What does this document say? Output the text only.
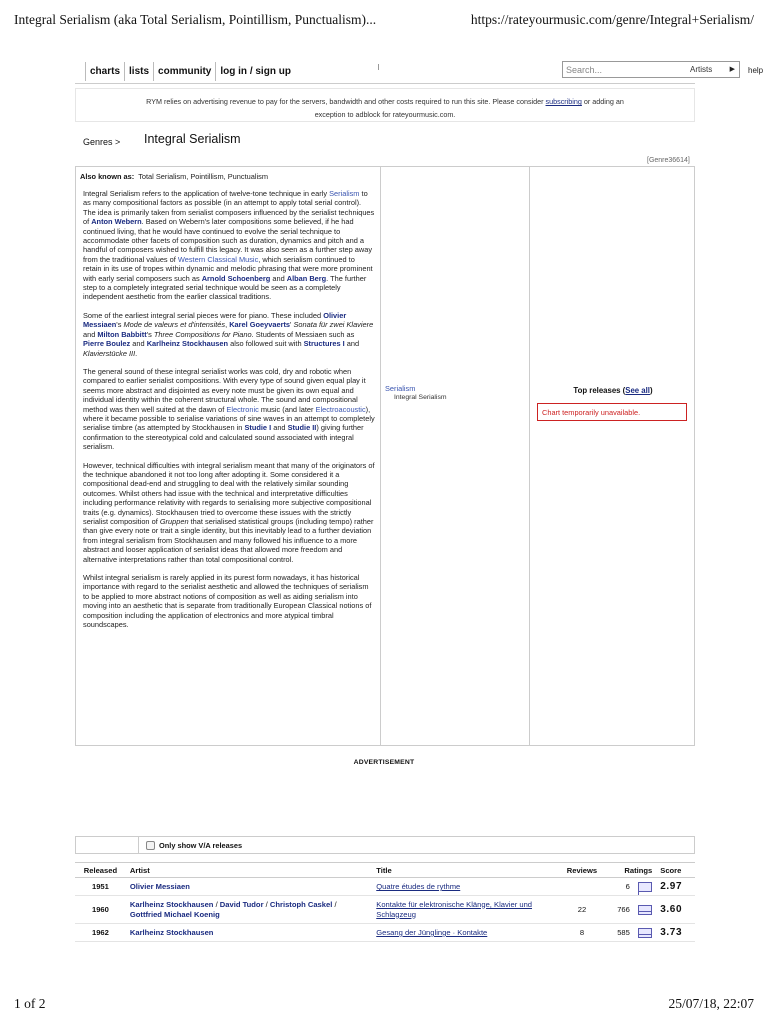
Integral Serialism (aka Total Serialism, Pointillism, Punctualism)...	https://rateyourmusic.com/genre/Integral+Serialism/
charts lists community log in / sign up	Search...	Artists ▶ help
RYM relies on advertising revenue to pay for the servers, bandwidth and other costs required to run this site. Please consider subscribing or adding an
exception to adblock for rateyourmusic.com.
Genres > Integral Serialism
[Genre36614]
Also known as: Total Serialism, Pointillism, Punctualism

Integral Serialism refers to the application of twelve-tone technique in early Serialism to as many compositional factors as possible (in an attempt to apply total serial control). The idea is primarily taken from serialist composers influenced by the serialist techniques of Anton Webern. Based on Webern's later compositions some believed, if he had continued living, that he would have continued to evolve the serial technique to accommodate other facets of composition such as duration, dynamics and pitch and a handful of composers wished to fulfill this legacy. It was also seen as a further step away from the traditional values of Western Classical Music, which serialism continued to retain in its use of tropes within dynamic and melodic phrasing that were more prominent with early serial composers such as Arnold Schoenberg and Alban Berg. The further step to a completely integrated serial technique would be seen as a completely independent aesthetic from the earlier classical traditions.

Some of the earliest integral serial pieces were for piano. These included Olivier Messiaen's Mode de valeurs et d'intensités, Karel Goeyvaerts' Sonata für zwei Klaviere and Milton Babbitt's Three Compositions for Piano. Students of Messiaen such as Pierre Boulez and Karlheinz Stockhausen also followed suit with Structures I and Klavierstücke III.

The general sound of these integral serialist works was cold, dry and robotic when compared to earlier serialist compositions. With every type of sound given equal play it seems more abstract and disjointed as every note must be given its own equal and individual identity within the coherent structural whole. The sound and compositional method was then well suited at the dawn of Electronic music (and later Electroacoustic), where it became possible to serialise variations of sine waves in an attempt to completely serialise timbre (as attempted by Stockhausen in Studie I and Studie II) giving further confirmation to the stereotypical cold and calculated sound associated with integral serialism.

However, technical difficulties with integral serialism meant that many of the originators of the technique abandoned it not too long after adopting it. Some considered it a compositional dead-end and struggling to deal with the relatively similar sounding outcomes. Whilst others had issue with the technical and interpretative difficulties including performance relativity with regards to serialising more subjective compositional traits (e.g. dynamics). Stockhausen tried to overcome these issues with the strictly serialist composition of Gruppen that serialised statistical groups (including tempo) rather than give every note or trait a single identity, but this inevitably lead to a further deviation from integral serialism from Stockhausen and many followed his influence to a more abstract and looser application of serialist ideas that allowed more freedom and alternative interpretations rather than total compositional control.

Whilst integral serialism is rarely applied in its purest form nowadays, it has historical importance with regard to the serialist aesthetic and allowed the techniques of serialism to be applied to more abstract notions of composition as well as aiding serialism into moving into an aesthetic that is separate from traditionally European Classical notions of composition including the application of electronics and more atypical timbral soundscapes.

Serialism
Integral Serialism
Top releases (See all)
Chart temporarily unavailable.
ADVERTISEMENT
Only show V/A releases
Released	Artist	Title	Reviews	Ratings		Score
1951	Olivier Messiaen	Quatre études de rythme		6		2.97
1960	Karlheinz Stockhausen / David Tudor / Christoph Caskel / Gottfried Michael Koenig	Kontakte für elektronische Klänge, Klavier und Schlagzeug	22	766		3.60
1962	Karlheinz Stockhausen	Gesang der Jünglinge · Kontakte	8	585		3.73
1 of 2	25/07/18, 22:07
